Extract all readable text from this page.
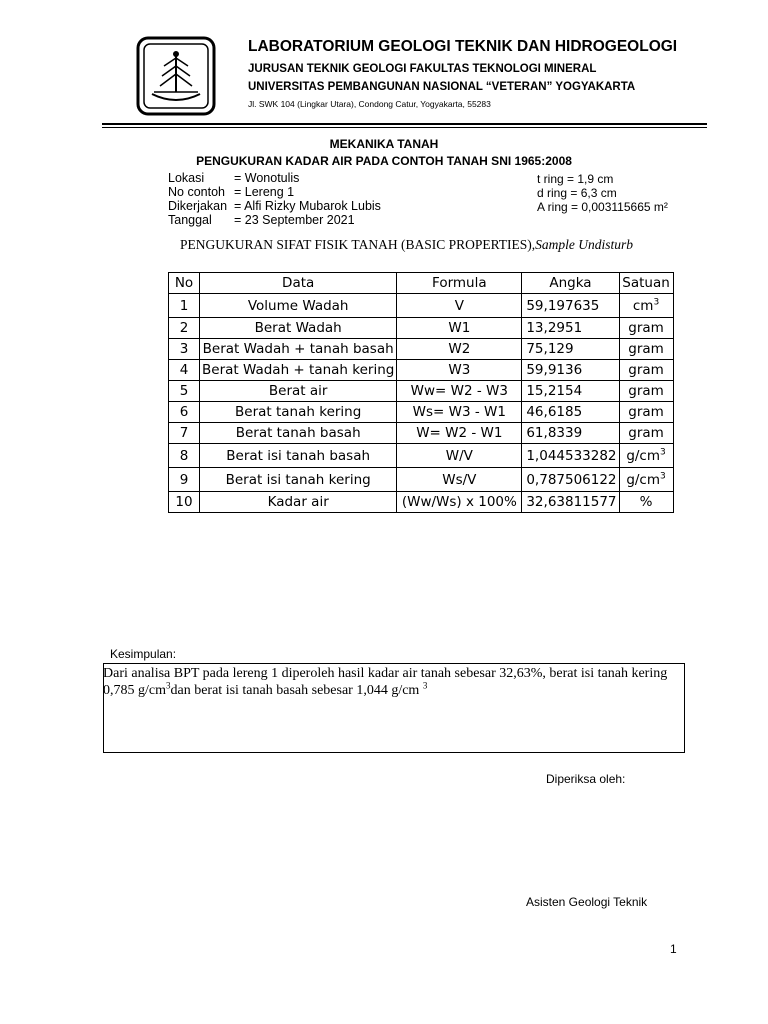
LABORATORIUM GEOLOGI TEKNIK DAN HIDROGEOLOGI
JURUSAN TEKNIK GEOLOGI FAKULTAS TEKNOLOGI MINERAL
UNIVERSITAS PEMBANGUNAN NASIONAL “VETERAN” YOGYAKARTA
Jl. SWK 104 (Lingkar Utara), Condong Catur, Yogyakarta, 55283
MEKANIKA TANAH
PENGUKURAN KADAR AIR PADA CONTOH TANAH SNI 1965:2008
Lokasi = Wonotulis
No contoh = Lereng 1
Dikerjakan = Alfi Rizky Mubarok Lubis
Tanggal = 23 September 2021
t ring = 1,9 cm
d ring = 6,3 cm
A ring = 0,003115665 m²
PENGUKURAN SIFAT FISIK TANAH (BASIC PROPERTIES),Sample Undisturb
No	Data	Formula	Angka	Satuan
1	Volume Wadah	V	59,197635	$cm^3$
2	Berat Wadah	W1	13,2951	gram
3	Berat Wadah + tanah basah	W2	75,129	gram
4	Berat Wadah + tanah kering	W3	59,9136	gram
5	Berat air	Ww= W2 - W3	15,2154	gram
6	Berat tanah kering	Ws= W3 - W1	46,6185	gram
7	Berat tanah basah	W= W2 - W1	61,8339	gram
8	Berat isi tanah basah	W/V	1,044533282	$g/cm^3$
9	Berat isi tanah kering	Ws/V	0,787506122	$g/cm^3$
10	Kadar air	(Ww/Ws) x 100%	32,63811577	%
Kesimpulan:
Dari analisa BPT pada lereng 1 diperoleh hasil kadar air tanah sebesar 32,63%, berat isi tanah kering 0,785 $g/cm^3dan$ berat isi tanah basah sebesar 1,044 g/cm $^3$
Diperiksa oleh:
Asisten Geologi Teknik
1
